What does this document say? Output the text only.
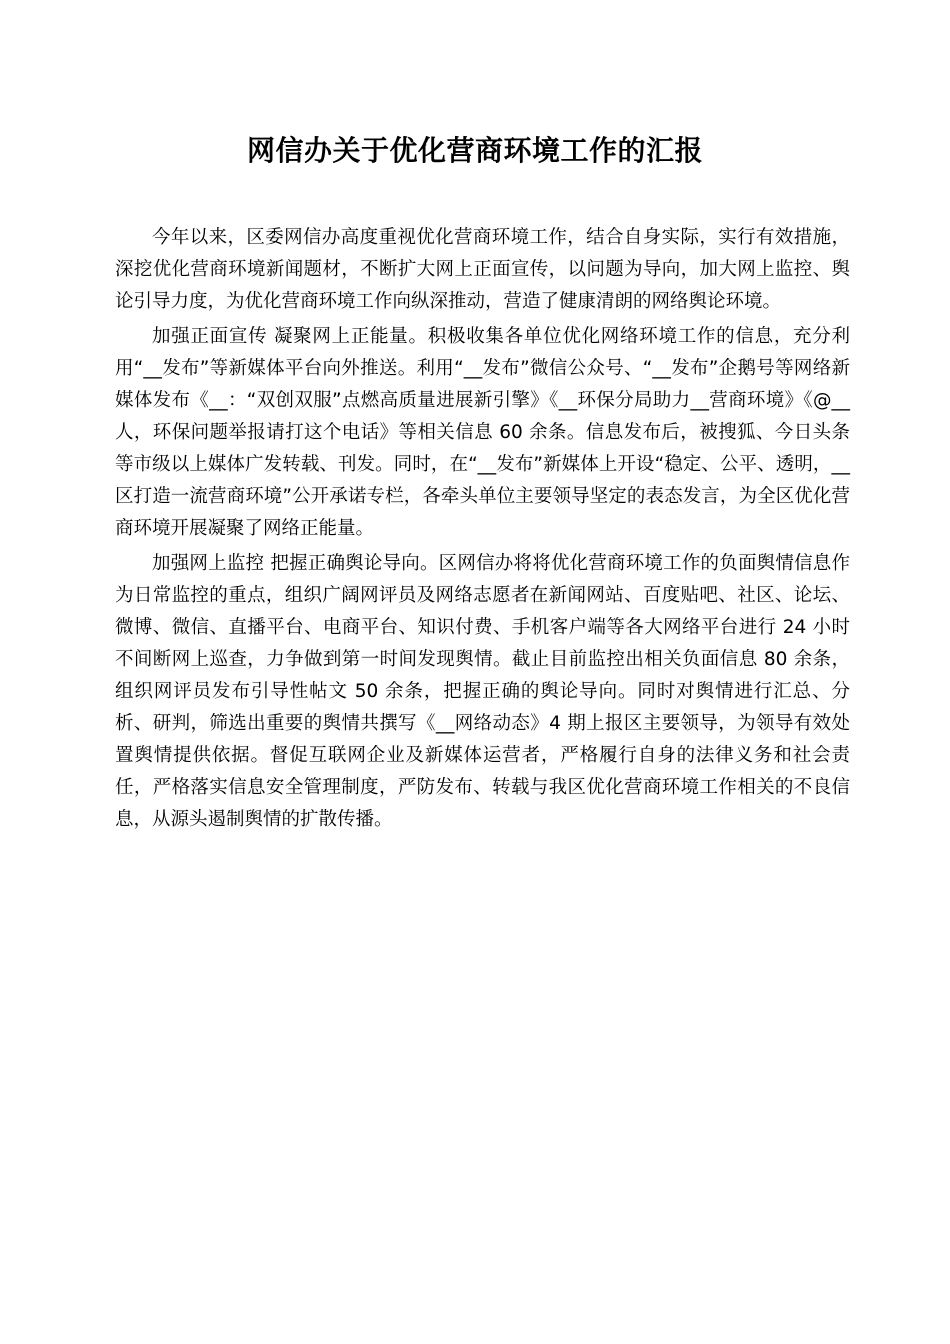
网信办关于优化营商环境工作的汇报

今年以来，区委网信办高度重视优化营商环境工作，结合自身实际，实行有效措施，深挖优化营商环境新闻题材，不断扩大网上正面宣传，以问题为导向，加大网上监控、舆论引导力度，为优化营商环境工作向纵深推动，营造了健康清朗的网络舆论环境。

加强正面宣传 凝聚网上正能量。积极收集各单位优化网络环境工作的信息，充分利用“__发布”等新媒体平台向外推送。利用“__发布”微信公众号、“__发布”企鹅号等网络新媒体发布《__：“双创双服”点燃高质量进展新引擎》《__环保分局助力__营商环境》《@__人，环保问题举报请打这个电话》等相关信息 60 余条。信息发布后，被搜狐、今日头条等市级以上媒体广发转载、刊发。同时，在“__发布”新媒体上开设“稳定、公平、透明，__区打造一流营商环境”公开承诺专栏，各牵头单位主要领导坚定的表态发言，为全区优化营商环境开展凝聚了网络正能量。

加强网上监控 把握正确舆论导向。区网信办将将优化营商环境工作的负面舆情信息作为日常监控的重点，组织广阔网评员及网络志愿者在新闻网站、百度贴吧、社区、论坛、微博、微信、直播平台、电商平台、知识付费、手机客户端等各大网络平台进行 24 小时不间断网上巡查，力争做到第一时间发现舆情。截止目前监控出相关负面信息 80 余条，组织网评员发布引导性帖文 50 余条，把握正确的舆论导向。同时对舆情进行汇总、分析、研判，筛选出重要的舆情共撰写《__网络动态》4 期上报区主要领导，为领导有效处置舆情提供依据。督促互联网企业及新媒体运营者，严格履行自身的法律义务和社会责任，严格落实信息安全管理制度，严防发布、转载与我区优化营商环境工作相关的不良信息，从源头遏制舆情的扩散传播。
